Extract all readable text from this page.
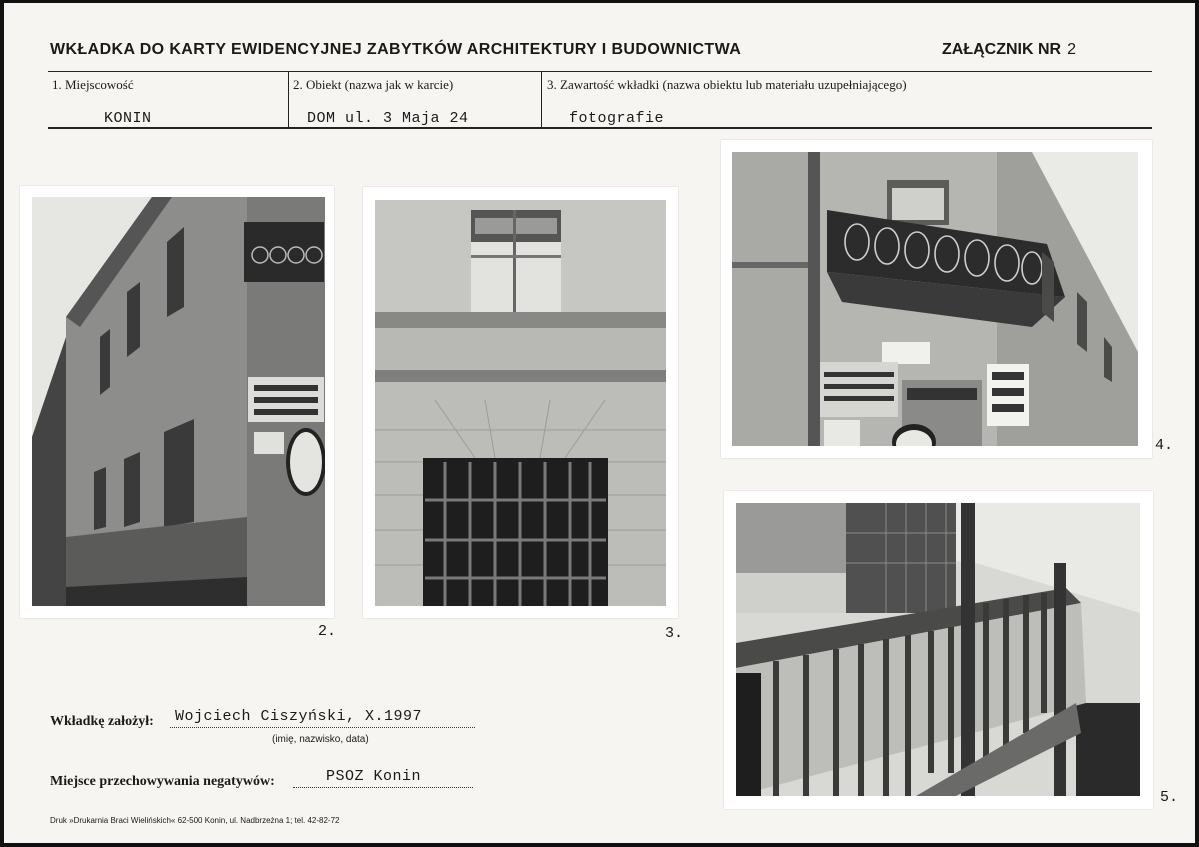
WKŁADKA DO KARTY EWIDENCYJNEJ ZABYTKÓW ARCHITEKTURY I BUDOWNICTWA	ZAŁĄCZNIK NR 2
1. Miejscowość
KONIN
2. Obiekt (nazwa jak w karcie)
DOM ul. 3 Maja 24
3. Zawartość wkładki (nazwa obiektu lub materiału uzupełniającego)
fotografie
2.	3.
4.
5.
Wkładkę założył: Wojciech Ciszyński, X.1997
(imię, nazwisko, data)
Miejsce przechowywania negatywów:	PSOZ Konin
Druk »Drukarnia Braci Wielińskich« 62-500 Konin, ul. Nadbrzeżna 1; tel. 42-82-72
